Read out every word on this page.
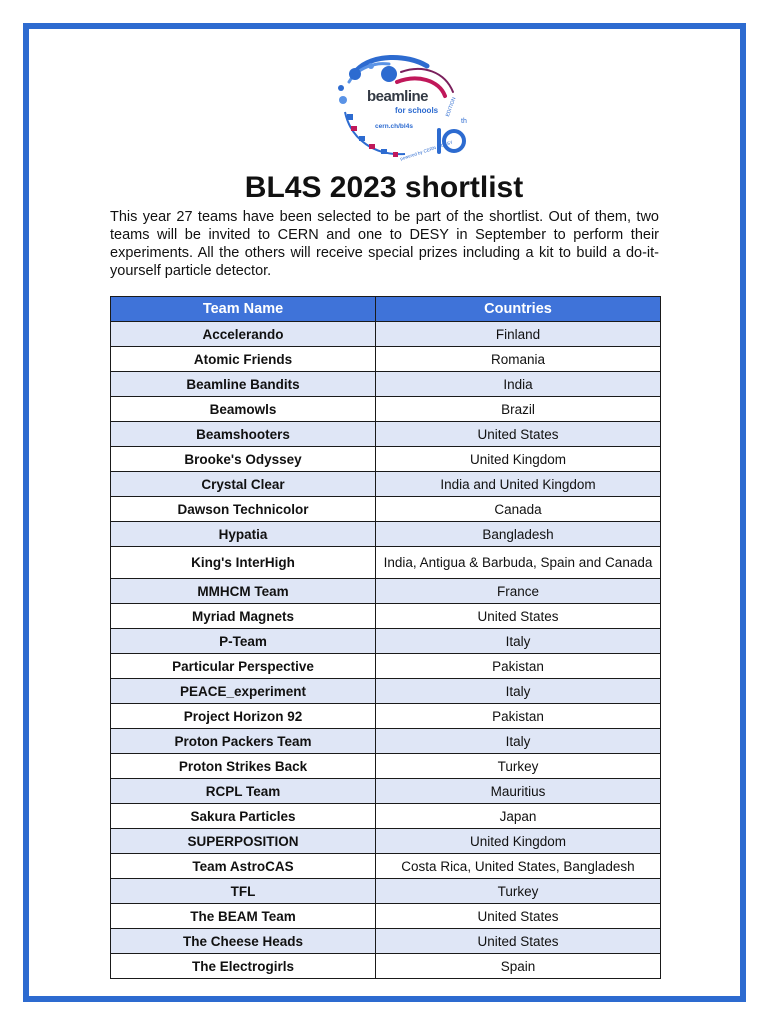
beamline
for schools
cern.ch/bl4s
powered by CERN & DESY
EDITION
th
BL4S 2023 shortlist

This year 27 teams have been selected to be part of the shortlist. Out of them, two teams will be invited to CERN and one to DESY in September to perform their experiments. All the others will receive special prizes including a kit to build a do-it-yourself particle detector.

Team Name	Countries
Accelerando	Finland
Atomic Friends	Romania
Beamline Bandits	India
Beamowls	Brazil
Beamshooters	United States
Brooke's Odyssey	United Kingdom
Crystal Clear	India and United Kingdom
Dawson Technicolor	Canada
Hypatia	Bangladesh
King's InterHigh	India, Antigua & Barbuda, Spain and Canada
MMHCM Team	France
Myriad Magnets	United States
P-Team	Italy
Particular Perspective	Pakistan
PEACE_experiment	Italy
Project Horizon 92	Pakistan
Proton Packers Team	Italy
Proton Strikes Back	Turkey
RCPL Team	Mauritius
Sakura Particles	Japan
SUPERPOSITION	United Kingdom
Team AstroCAS	Costa Rica, United States, Bangladesh
TFL	Turkey
The BEAM Team	United States
The Cheese Heads	United States
The Electrogirls	Spain
